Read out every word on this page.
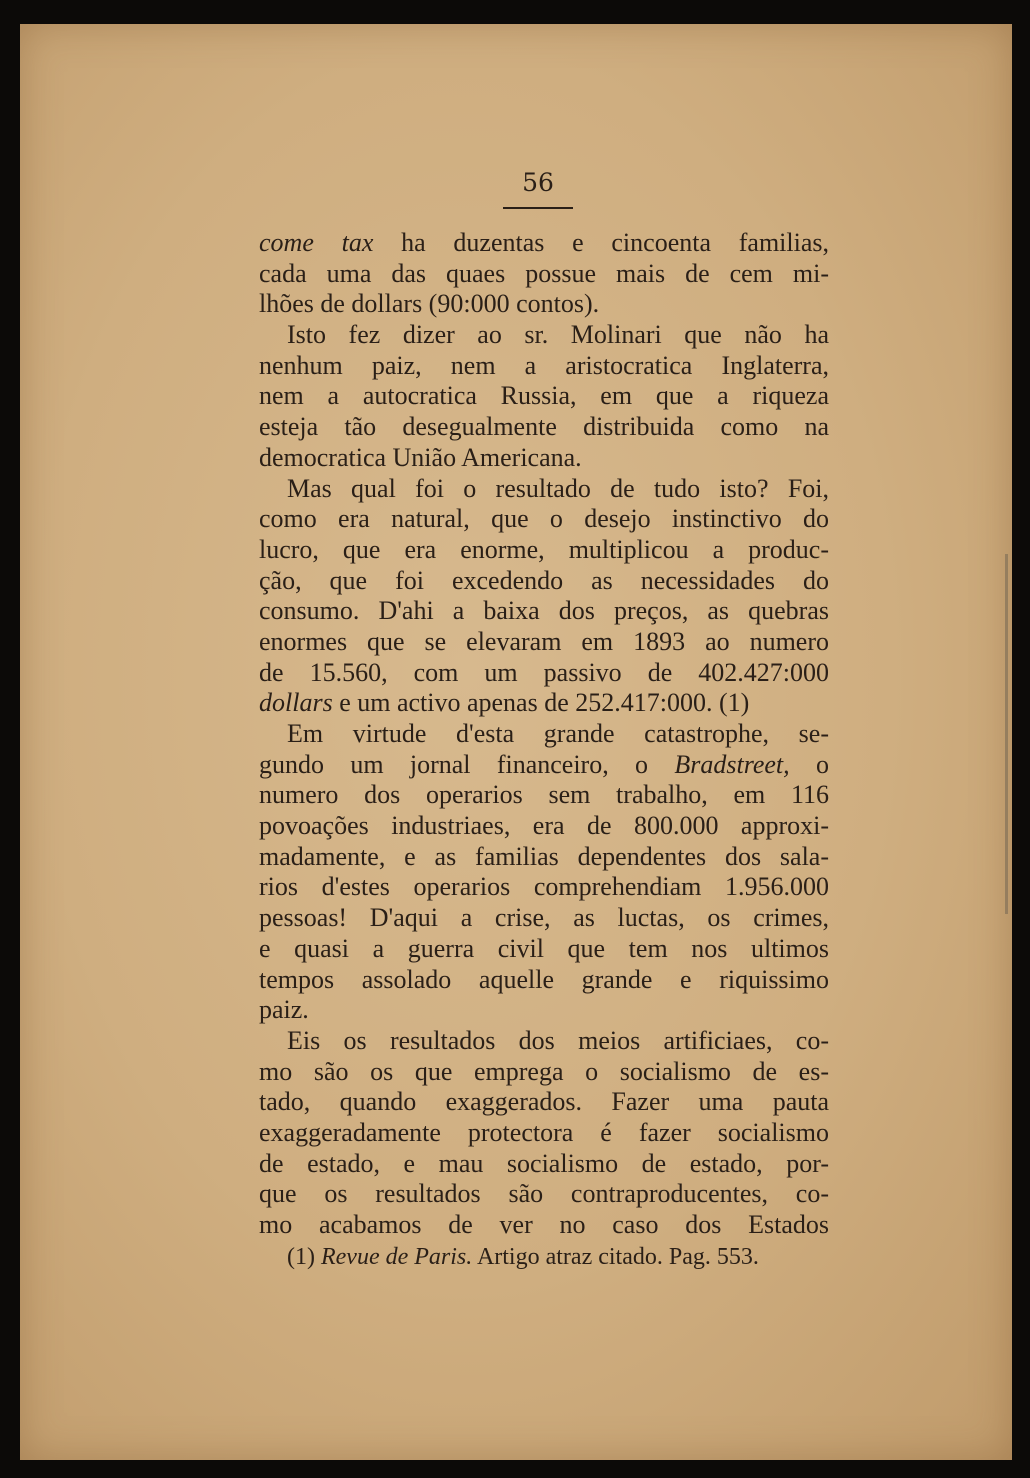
56
come tax ha duzentas e cincoenta familias,
cada uma das quaes possue mais de cem mi-
lhões de dollars (90:000 contos).
Isto fez dizer ao sr. Molinari que não ha
nenhum paiz, nem a aristocratica Inglaterra,
nem a autocratica Russia, em que a riqueza
esteja tão desegualmente distribuida como na
democratica União Americana.
Mas qual foi o resultado de tudo isto? Foi,
como era natural, que o desejo instinctivo do
lucro, que era enorme, multiplicou a produc-
ção, que foi excedendo as necessidades do
consumo. D'ahi a baixa dos preços, as quebras
enormes que se elevaram em 1893 ao numero
de 15.560, com um passivo de 402.427:000
dollars e um activo apenas de 252.417:000. (1)
Em virtude d'esta grande catastrophe, se-
gundo um jornal financeiro, o Bradstreet, o
numero dos operarios sem trabalho, em 116
povoações industriaes, era de 800.000 approxi-
madamente, e as familias dependentes dos sala-
rios d'estes operarios comprehendiam 1.956.000
pessoas! D'aqui a crise, as luctas, os crimes,
e quasi a guerra civil que tem nos ultimos
tempos assolado aquelle grande e riquissimo
paiz.
Eis os resultados dos meios artificiaes, co-
mo são os que emprega o socialismo de es-
tado, quando exaggerados. Fazer uma pauta
exaggeradamente protectora é fazer socialismo
de estado, e mau socialismo de estado, por-
que os resultados são contraproducentes, co-
mo acabamos de ver no caso dos Estados
(1) Revue de Paris. Artigo atraz citado. Pag. 553.
